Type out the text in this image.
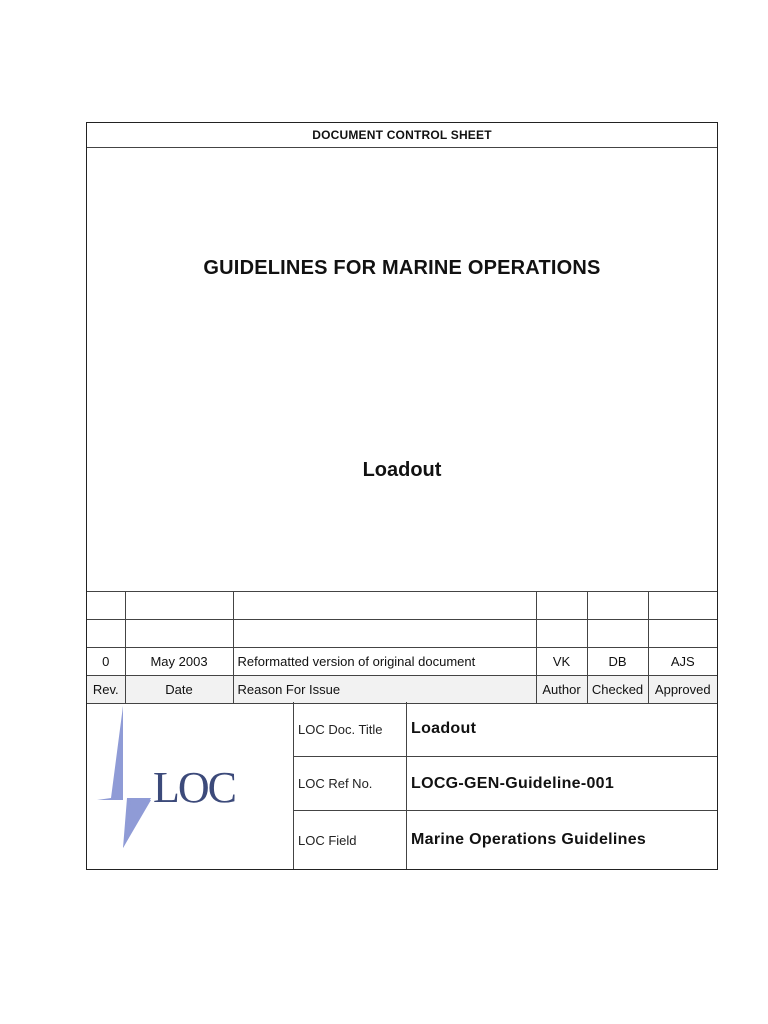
DOCUMENT CONTROL SHEET
GUIDELINES FOR MARINE OPERATIONS
Loadout

0	May 2003	Reformatted version of original document	VK	DB	AJS
Rev.	Date	Reason For Issue	Author	Checked	Approved
LOC
LOC Doc. Title	Loadout
LOC Ref No.	LOCG-GEN-Guideline-001
LOC Field	Marine Operations Guidelines
